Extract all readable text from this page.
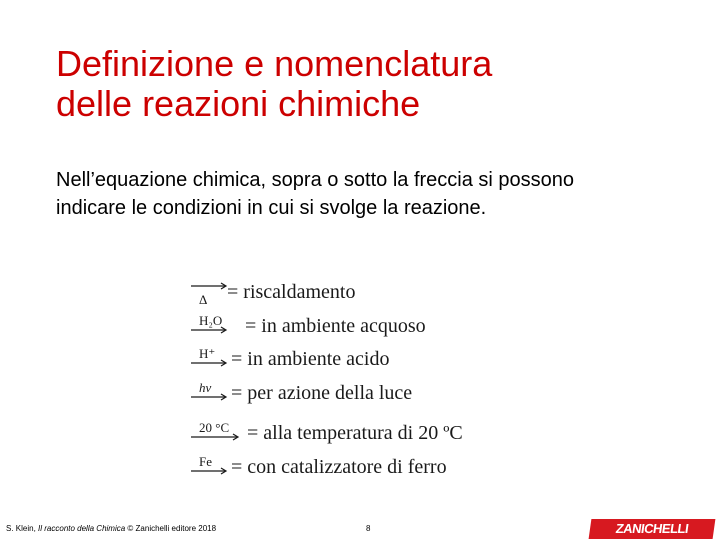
Definizione e nomenclatura
delle reazioni chimiche
Nell’equazione chimica, sopra o sotto la freccia si possono indicare le condizioni in cui si svolge la reazione.
Δ = riscaldamento
H₂O → = in ambiente acquoso
H⁺ → = in ambiente acido
hν → = per azione della luce
20 °C → = alla temperatura di 20 ºC
Fe → = con catalizzatore di ferro
S. Klein, Il racconto della Chimica © Zanichelli editore 2018	8	ZANICHELLI
